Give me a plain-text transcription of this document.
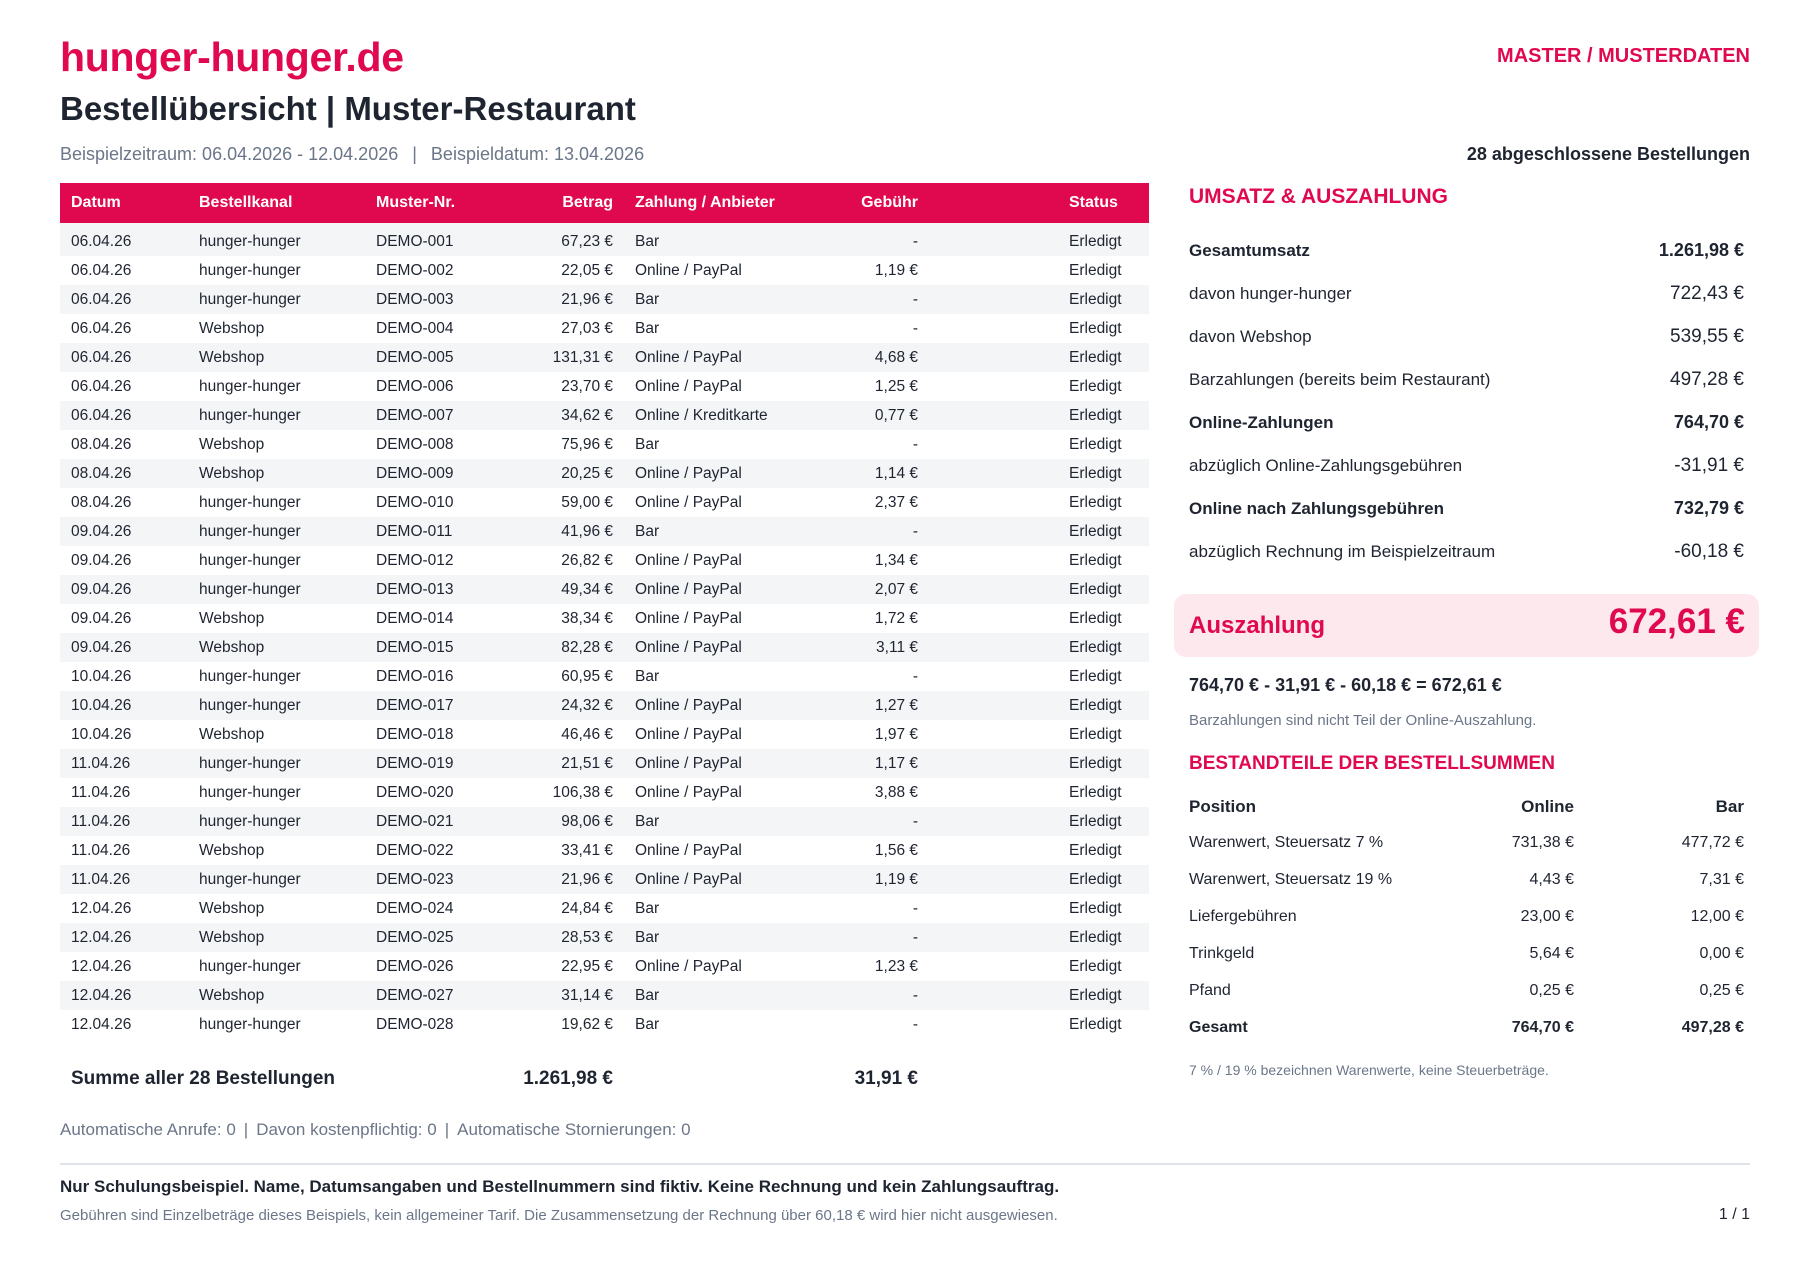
hunger-hunger.de	MASTER / MUSTERDATEN
Bestellübersicht | Muster-Restaurant
Beispielzeitraum: 06.04.2026 - 12.04.2026 | Beispieldatum: 13.04.2026	28 abgeschlossene Bestellungen
Datum	Bestellkanal	Muster-Nr.	Betrag	Zahlung / Anbieter	Gebühr	Status
06.04.26	hunger-hunger	DEMO-001	67,23 €	Bar	-	Erledigt
06.04.26	hunger-hunger	DEMO-002	22,05 €	Online / PayPal	1,19 €	Erledigt
06.04.26	hunger-hunger	DEMO-003	21,96 €	Bar	-	Erledigt
06.04.26	Webshop	DEMO-004	27,03 €	Bar	-	Erledigt
06.04.26	Webshop	DEMO-005	131,31 €	Online / PayPal	4,68 €	Erledigt
06.04.26	hunger-hunger	DEMO-006	23,70 €	Online / PayPal	1,25 €	Erledigt
06.04.26	hunger-hunger	DEMO-007	34,62 €	Online / Kreditkarte	0,77 €	Erledigt
08.04.26	Webshop	DEMO-008	75,96 €	Bar	-	Erledigt
08.04.26	Webshop	DEMO-009	20,25 €	Online / PayPal	1,14 €	Erledigt
08.04.26	hunger-hunger	DEMO-010	59,00 €	Online / PayPal	2,37 €	Erledigt
09.04.26	hunger-hunger	DEMO-011	41,96 €	Bar	-	Erledigt
09.04.26	hunger-hunger	DEMO-012	26,82 €	Online / PayPal	1,34 €	Erledigt
09.04.26	hunger-hunger	DEMO-013	49,34 €	Online / PayPal	2,07 €	Erledigt
09.04.26	Webshop	DEMO-014	38,34 €	Online / PayPal	1,72 €	Erledigt
09.04.26	Webshop	DEMO-015	82,28 €	Online / PayPal	3,11 €	Erledigt
10.04.26	hunger-hunger	DEMO-016	60,95 €	Bar	-	Erledigt
10.04.26	hunger-hunger	DEMO-017	24,32 €	Online / PayPal	1,27 €	Erledigt
10.04.26	Webshop	DEMO-018	46,46 €	Online / PayPal	1,97 €	Erledigt
11.04.26	hunger-hunger	DEMO-019	21,51 €	Online / PayPal	1,17 €	Erledigt
11.04.26	hunger-hunger	DEMO-020	106,38 €	Online / PayPal	3,88 €	Erledigt
11.04.26	hunger-hunger	DEMO-021	98,06 €	Bar	-	Erledigt
11.04.26	Webshop	DEMO-022	33,41 €	Online / PayPal	1,56 €	Erledigt
11.04.26	hunger-hunger	DEMO-023	21,96 €	Online / PayPal	1,19 €	Erledigt
12.04.26	Webshop	DEMO-024	24,84 €	Bar	-	Erledigt
12.04.26	Webshop	DEMO-025	28,53 €	Bar	-	Erledigt
12.04.26	hunger-hunger	DEMO-026	22,95 €	Online / PayPal	1,23 €	Erledigt
12.04.26	Webshop	DEMO-027	31,14 €	Bar	-	Erledigt
12.04.26	hunger-hunger	DEMO-028	19,62 €	Bar	-	Erledigt
Summe aller 28 Bestellungen			1.261,98 €		31,91 €	
Automatische Anrufe: 0 | Davon kostenpflichtig: 0 | Automatische Stornierungen: 0
UMSATZ & AUSZAHLUNG
Gesamtumsatz	1.261,98 €
davon hunger-hunger	722,43 €
davon Webshop	539,55 €
Barzahlungen (bereits beim Restaurant)	497,28 €
Online-Zahlungen	764,70 €
abzüglich Online-Zahlungsgebühren	-31,91 €
Online nach Zahlungsgebühren	732,79 €
abzüglich Rechnung im Beispielzeitraum	-60,18 €
Auszahlung	672,61 €
764,70 € - 31,91 € - 60,18 € = 672,61 €
Barzahlungen sind nicht Teil der Online-Auszahlung.
BESTANDTEILE DER BESTELLSUMMEN
Position	Online	Bar
Warenwert, Steuersatz 7 %	731,38 €	477,72 €
Warenwert, Steuersatz 19 %	4,43 €	7,31 €
Liefergebühren	23,00 €	12,00 €
Trinkgeld	5,64 €	0,00 €
Pfand	0,25 €	0,25 €
Gesamt	764,70 €	497,28 €
7 % / 19 % bezeichnen Warenwerte, keine Steuerbeträge.
Nur Schulungsbeispiel. Name, Datumsangaben und Bestellnummern sind fiktiv. Keine Rechnung und kein Zahlungsauftrag.
Gebühren sind Einzelbeträge dieses Beispiels, kein allgemeiner Tarif. Die Zusammensetzung der Rechnung über 60,18 € wird hier nicht ausgewiesen.	1 / 1
